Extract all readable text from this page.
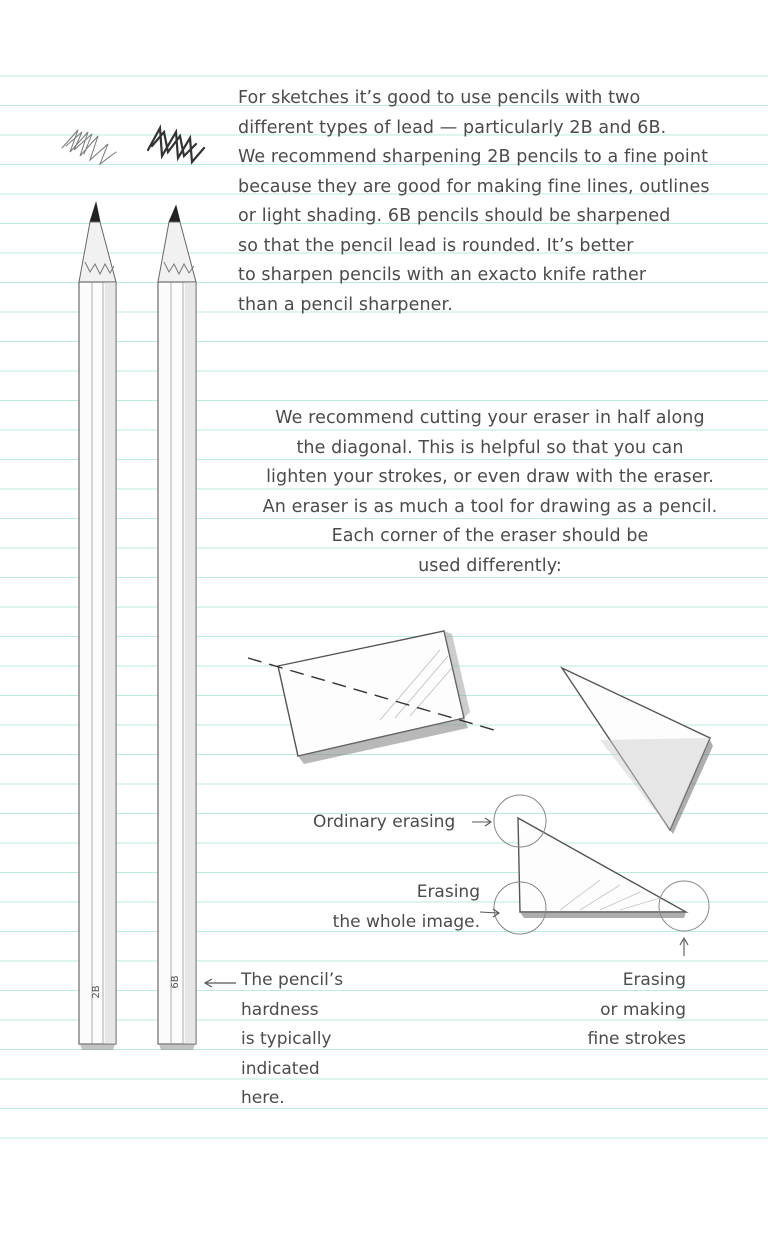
2B
6B

For sketches it’s good to use pencils with two
different types of lead — particularly 2B and 6B.
We recommend sharpening 2B pencils to a fine point
because they are good for making fine lines, outlines
or light shading. 6B pencils should be sharpened
so that the pencil lead is rounded. It’s better
to sharpen pencils with an exacto knife rather
than a pencil sharpener.

We recommend cutting your eraser in half along
the diagonal. This is helpful so that you can
lighten your strokes, or even draw with the eraser.
An eraser is as much a tool for drawing as a pencil.
Each corner of the eraser should be
used differently:

Ordinary erasing
Erasing
the whole image.
Erasing
or making
fine strokes
The pencil’s
hardness
is typically
indicated
here.
